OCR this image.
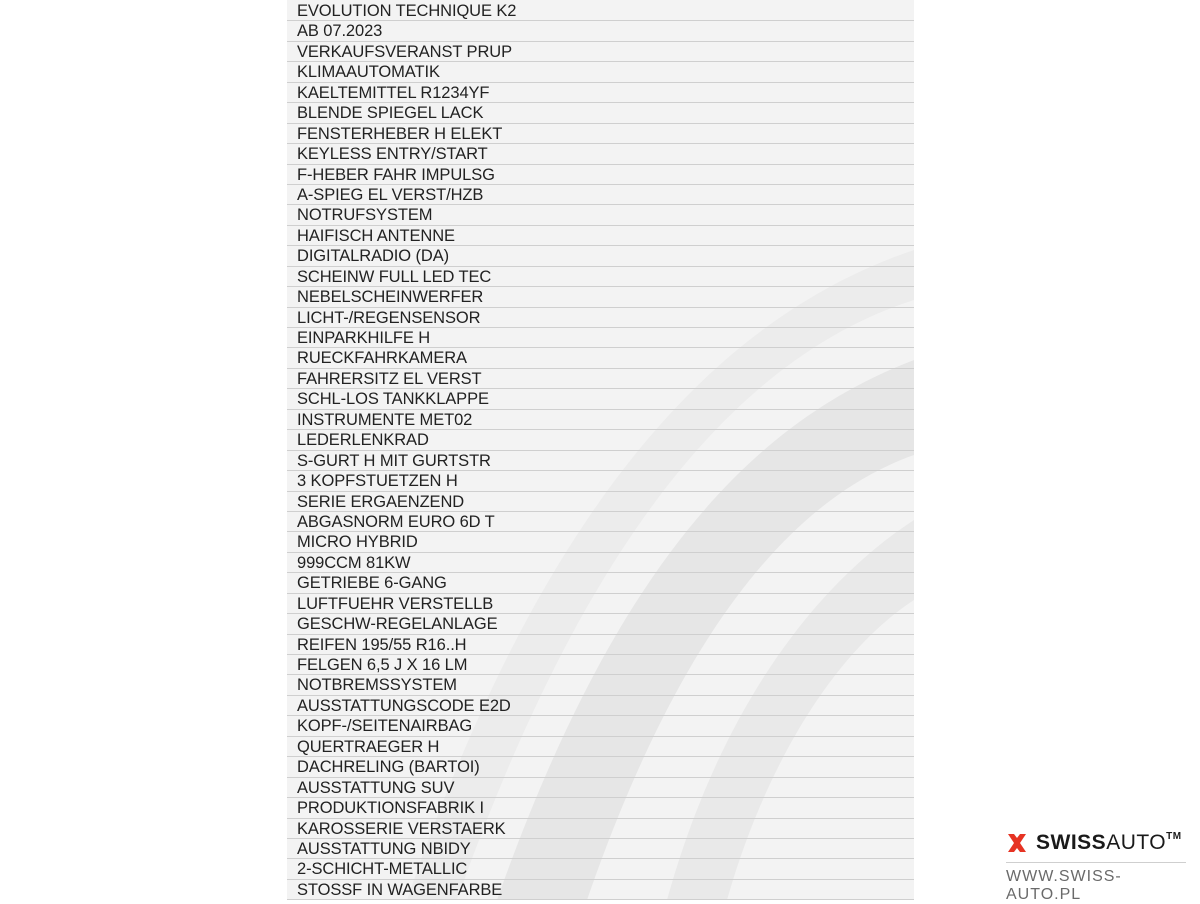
EVOLUTION TECHNIQUE K2
AB 07.2023
VERKAUFSVERANST PRUP
KLIMAAUTOMATIK
KAELTEMITTEL R1234YF
BLENDE SPIEGEL LACK
FENSTERHEBER H ELEKT
KEYLESS ENTRY/START
F-HEBER FAHR IMPULSG
A-SPIEG EL VERST/HZB
NOTRUFSYSTEM
HAIFISCH ANTENNE
DIGITALRADIO (DA)
SCHEINW FULL LED TEC
NEBELSCHEINWERFER
LICHT-/REGENSENSOR
EINPARKHILFE H
RUECKFAHRKAMERA
FAHRERSITZ EL VERST
SCHL-LOS TANKKLAPPE
INSTRUMENTE MET02
LEDERLENKRAD
S-GURT H MIT GURTSTR
3 KOPFSTUETZEN H
SERIE ERGAENZEND
ABGASNORM EURO 6D T
MICRO HYBRID
999CCM 81KW
GETRIEBE 6-GANG
LUFTFUEHR VERSTELLB
GESCHW-REGELANLAGE
REIFEN 195/55 R16..H
FELGEN 6,5 J X 16 LM
NOTBREMSSYSTEM
AUSSTATTUNGSCODE E2D
KOPF-/SEITENAIRBAG
QUERTRAEGER H
DACHRELING (BARTOI)
AUSSTATTUNG SUV
PRODUKTIONSFABRIK I
KAROSSERIE VERSTAERK
AUSSTATTUNG NBIDY
2-SCHICHT-METALLIC
STOSSF IN WAGENFARBE
SWISSAUTO™
WWW.SWISS-AUTO.PL
